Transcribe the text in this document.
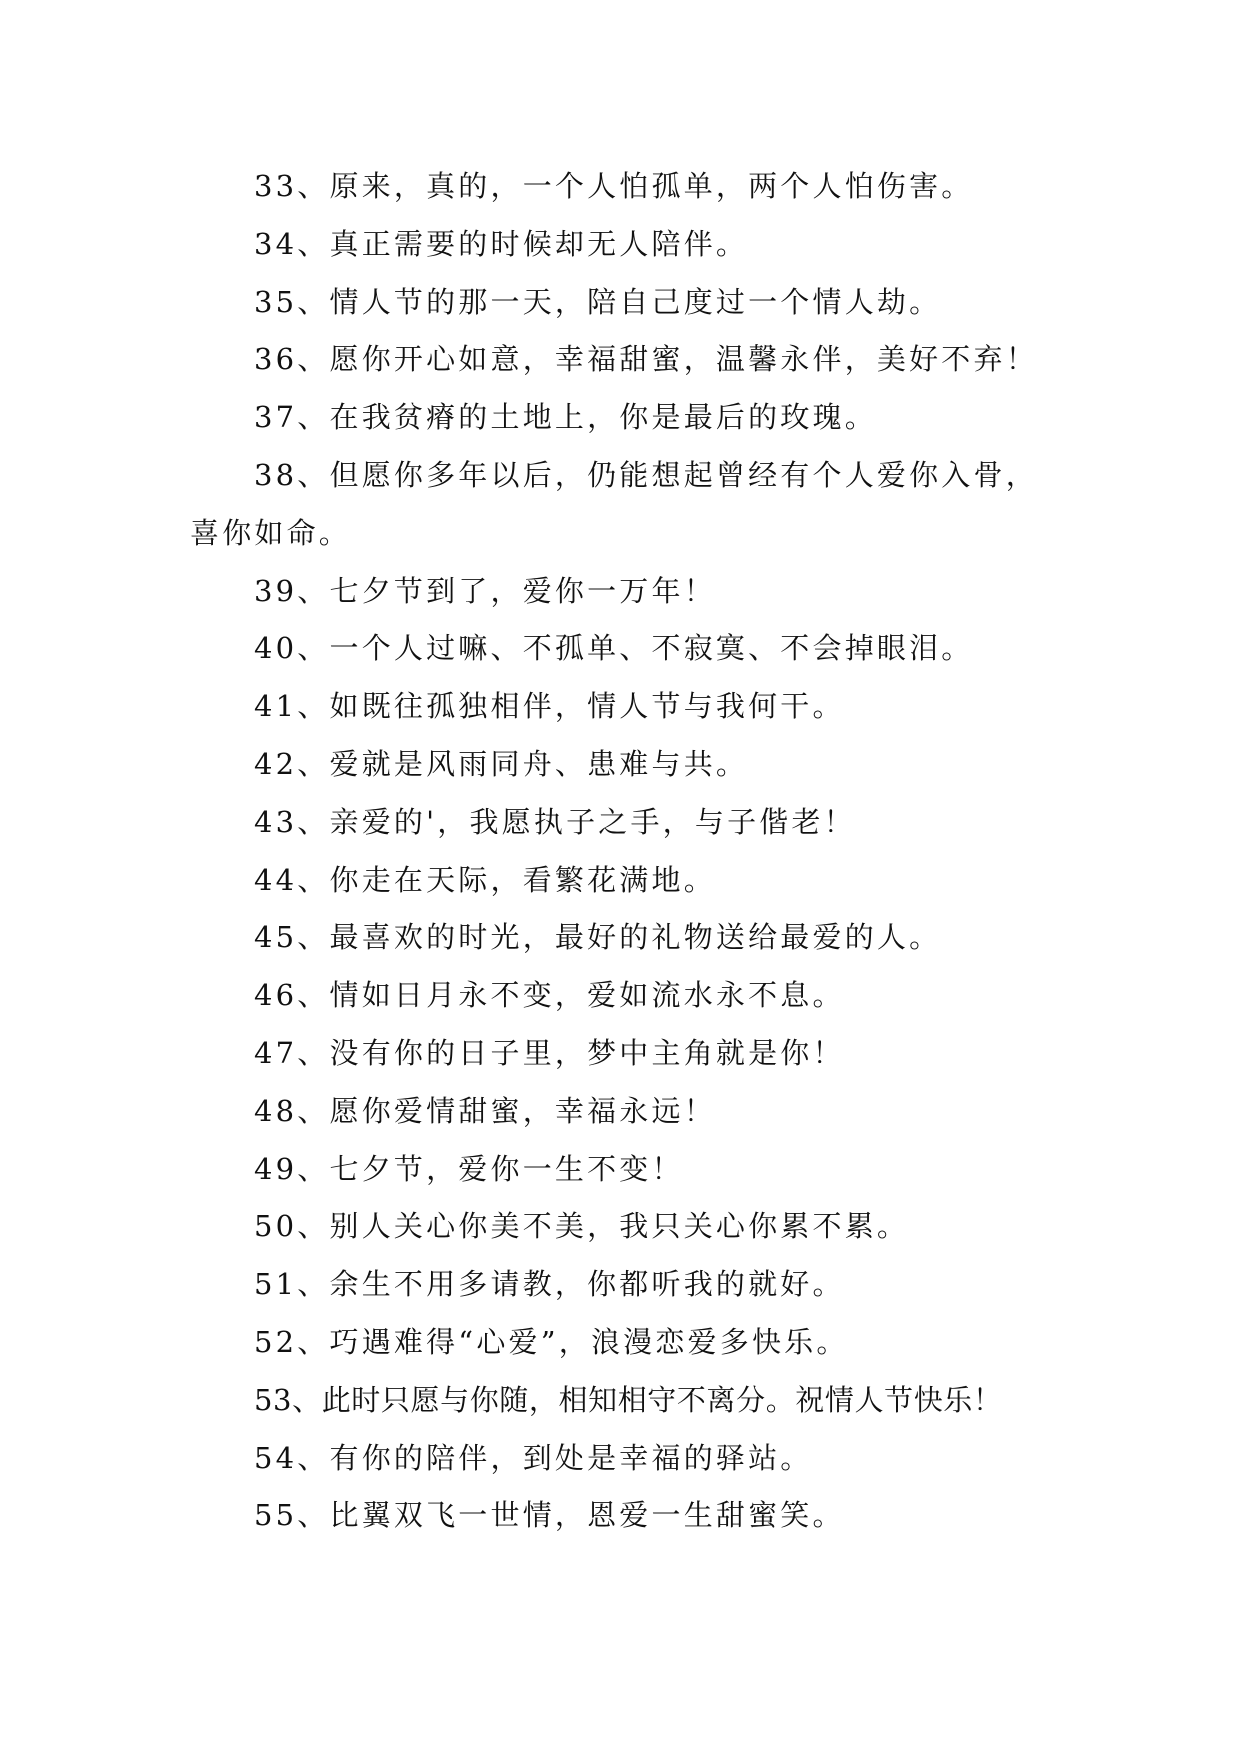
33、原来，真的，一个人怕孤单，两个人怕伤害。
34、真正需要的时候却无人陪伴。
35、情人节的那一天，陪自己度过一个情人劫。
36、愿你开心如意，幸福甜蜜，温馨永伴，美好不弃！
37、在我贫瘠的土地上，你是最后的玫瑰。
38、但愿你多年以后，仍能想起曾经有个人爱你入骨，喜你如命。
39、七夕节到了，爱你一万年！
40、一个人过嘛、不孤单、不寂寞、不会掉眼泪。
41、如既往孤独相伴，情人节与我何干。
42、爱就是风雨同舟、患难与共。
43、亲爱的'，我愿执子之手，与子偕老！
44、你走在天际，看繁花满地。
45、最喜欢的时光，最好的礼物送给最爱的人。
46、情如日月永不变，爱如流水永不息。
47、没有你的日子里，梦中主角就是你！
48、愿你爱情甜蜜，幸福永远！
49、七夕节，爱你一生不变！
50、别人关心你美不美，我只关心你累不累。
51、余生不用多请教，你都听我的就好。
52、巧遇难得“心爱”，浪漫恋爱多快乐。
53、此时只愿与你随，相知相守不离分。祝情人节快乐！
54、有你的陪伴，到处是幸福的驿站。
55、比翼双飞一世情，恩爱一生甜蜜笑。
